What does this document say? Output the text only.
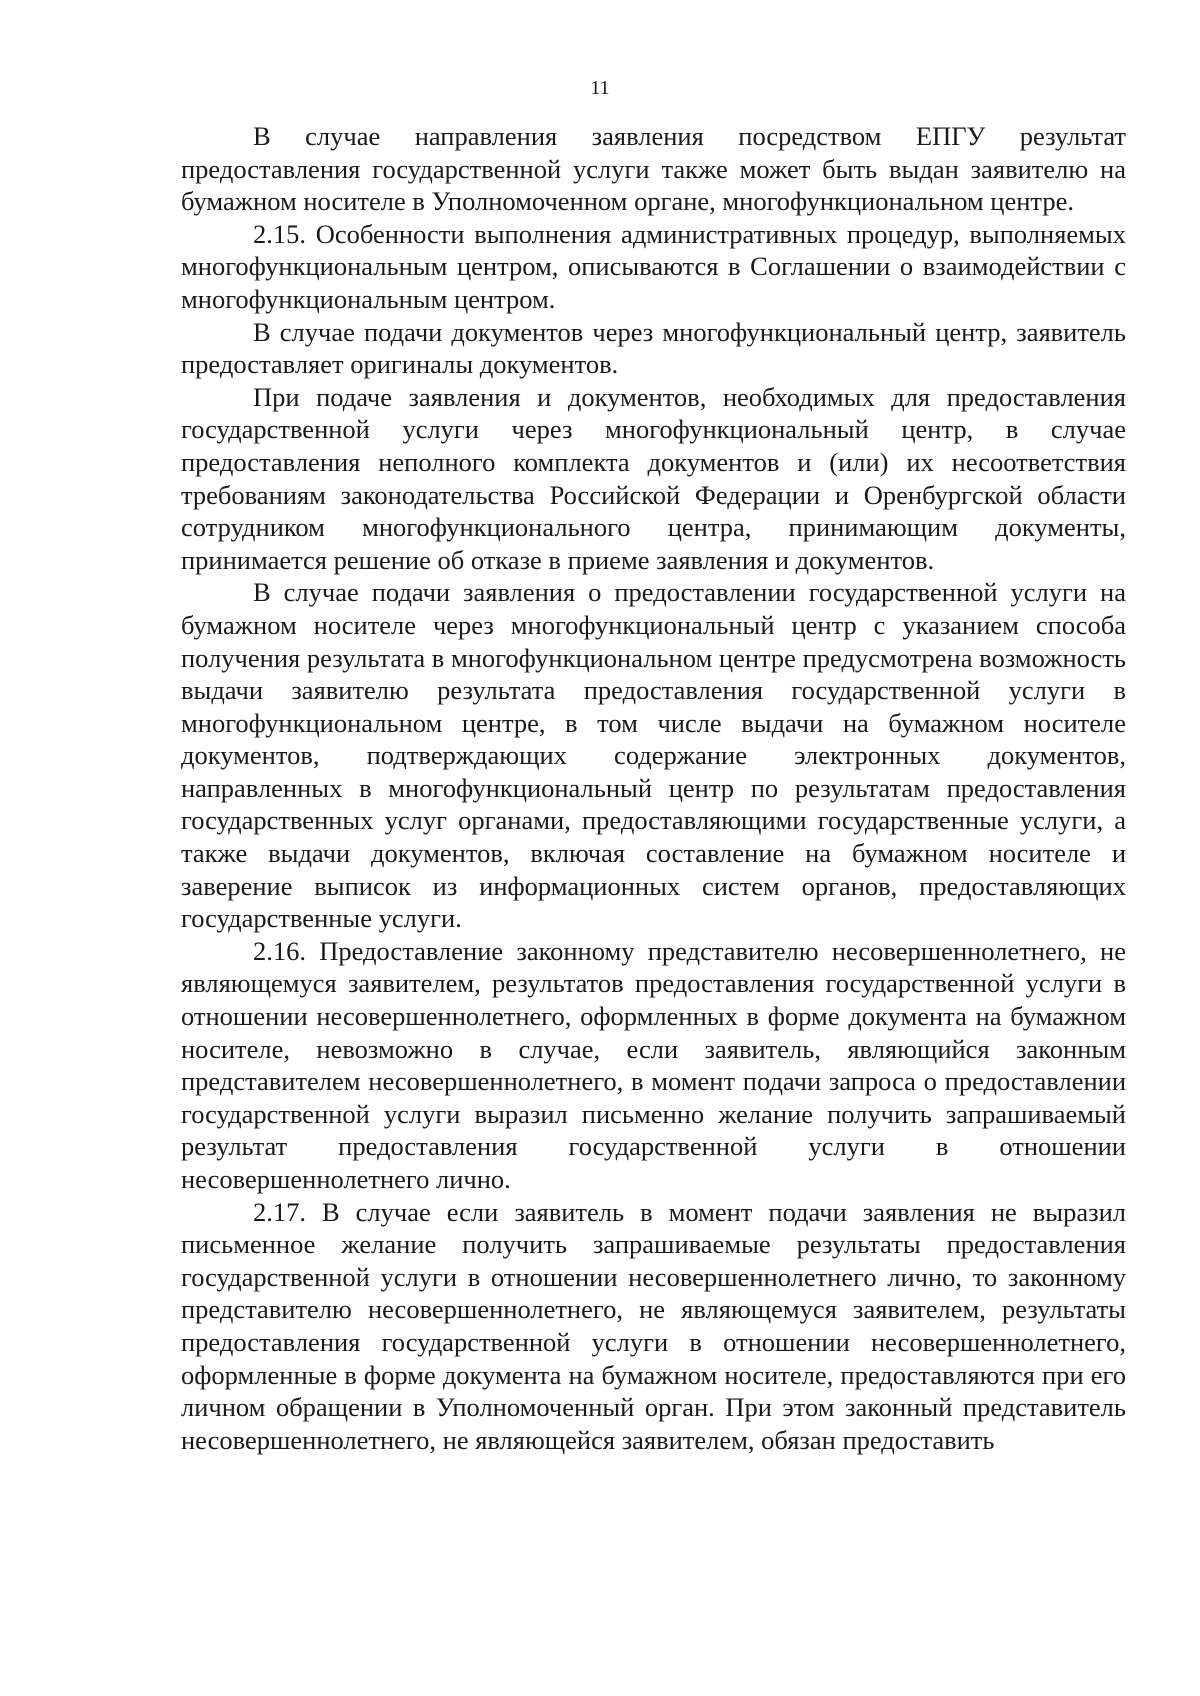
11

В случае направления заявления посредством ЕПГУ результат предоставления государственной услуги также может быть выдан заявителю на бумажном носителе в Уполномоченном органе, многофункциональном центре.

2.15. Особенности выполнения административных процедур, выполняемых многофункциональным центром, описываются в Соглашении о взаимодействии с многофункциональным центром.

В случае подачи документов через многофункциональный центр, заявитель предоставляет оригиналы документов.

При подаче заявления и документов, необходимых для предоставления государственной услуги через многофункциональный центр, в случае предоставления неполного комплекта документов и (или) их несоответствия требованиям законодательства Российской Федерации и Оренбургской области сотрудником многофункционального центра, принимающим документы, принимается решение об отказе в приеме заявления и документов.

В случае подачи заявления о предоставлении государственной услуги на бумажном носителе через многофункциональный центр с указанием способа получения результата в многофункциональном центре предусмотрена возможность выдачи заявителю результата предоставления государственной услуги в многофункциональном центре, в том числе выдачи на бумажном носителе документов, подтверждающих содержание электронных документов, направленных в многофункциональный центр по результатам предоставления государственных услуг органами, предоставляющими государственные услуги, а также выдачи документов, включая составление на бумажном носителе и заверение выписок из информационных систем органов, предоставляющих государственные услуги.

2.16. Предоставление законному представителю несовершеннолетнего, не являющемуся заявителем, результатов предоставления государственной услуги в отношении несовершеннолетнего, оформленных в форме документа на бумажном носителе, невозможно в случае, если заявитель, являющийся законным представителем несовершеннолетнего, в момент подачи запроса о предоставлении государственной услуги выразил письменно желание получить запрашиваемый результат предоставления государственной услуги в отношении несовершеннолетнего лично.

2.17. В случае если заявитель в момент подачи заявления не выразил письменное желание получить запрашиваемые результаты предоставления государственной услуги в отношении несовершеннолетнего лично, то законному представителю несовершеннолетнего, не являющемуся заявителем, результаты предоставления государственной услуги в отношении несовершеннолетнего, оформленные в форме документа на бумажном носителе, предоставляются при его личном обращении в Уполномоченный орган. При этом законный представитель несовершеннолетнего, не являющейся заявителем, обязан предоставить
